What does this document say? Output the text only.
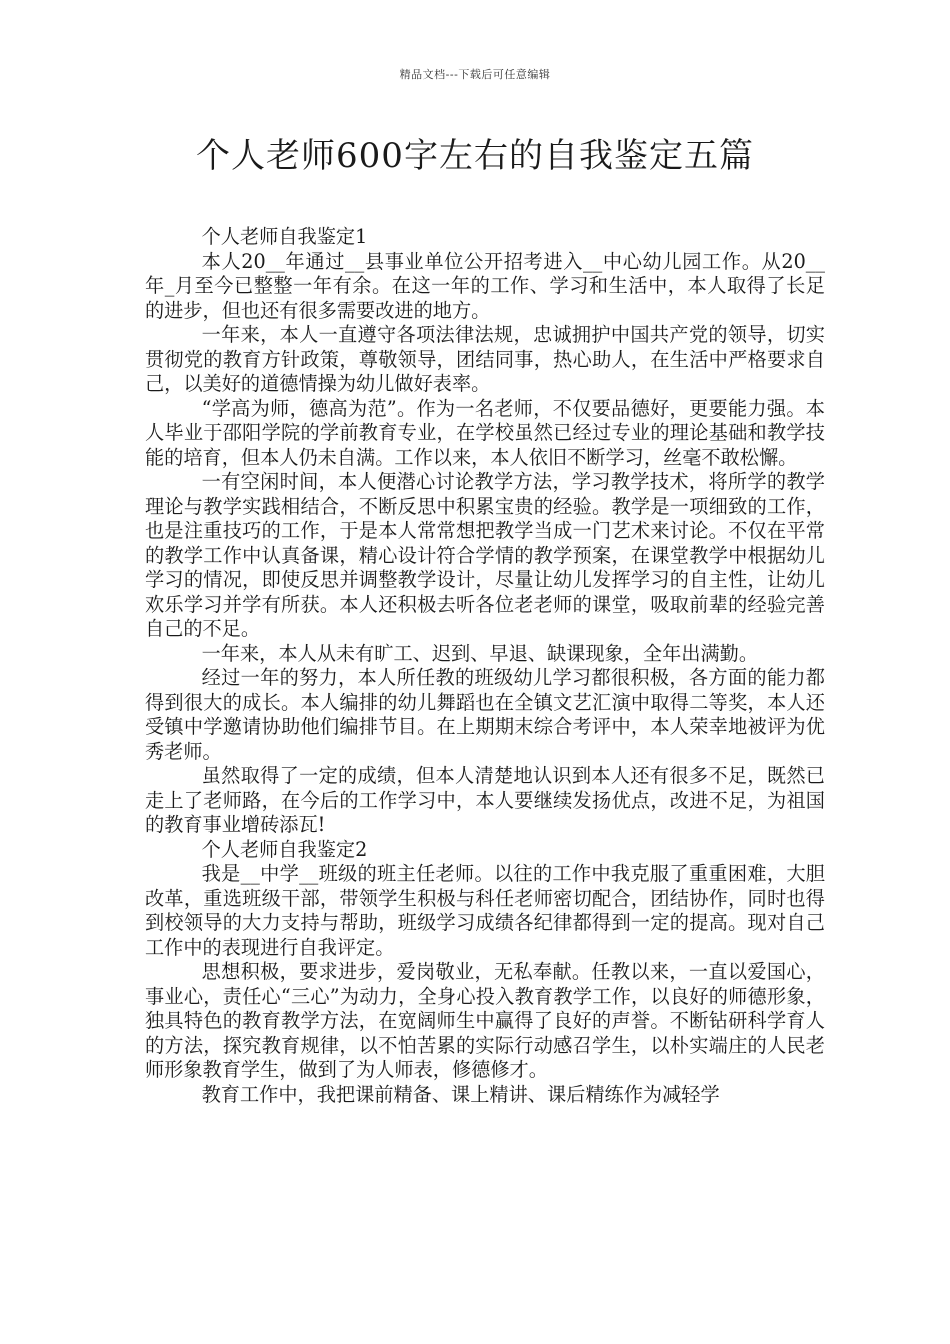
精品文档---下载后可任意编辑
个人老师600字左右的自我鉴定五篇

个人老师自我鉴定1

本人20__年通过__县事业单位公开招考进入__中心幼儿园工作。从20__年_月至今已整整一年有余。在这一年的工作、学习和生活中，本人取得了长足的进步，但也还有很多需要改进的地方。

一年来，本人一直遵守各项法律法规，忠诚拥护中国共产党的领导，切实贯彻党的教育方针政策，尊敬领导，团结同事，热心助人，在生活中严格要求自己，以美好的道德情操为幼儿做好表率。

“学高为师，德高为范”。作为一名老师，不仅要品德好，更要能力强。本人毕业于邵阳学院的学前教育专业，在学校虽然已经过专业的理论基础和教学技能的培育，但本人仍未自满。工作以来，本人依旧不断学习，丝毫不敢松懈。

一有空闲时间，本人便潜心讨论教学方法，学习教学技术，将所学的教学理论与教学实践相结合，不断反思中积累宝贵的经验。教学是一项细致的工作，也是注重技巧的工作，于是本人常常想把教学当成一门艺术来讨论。不仅在平常的教学工作中认真备课，精心设计符合学情的教学预案，在课堂教学中根据幼儿学习的情况，即使反思并调整教学设计，尽量让幼儿发挥学习的自主性，让幼儿欢乐学习并学有所获。本人还积极去听各位老老师的课堂，吸取前辈的经验完善自己的不足。

一年来，本人从未有旷工、迟到、早退、缺课现象，全年出满勤。

经过一年的努力，本人所任教的班级幼儿学习都很积极，各方面的能力都得到很大的成长。本人编排的幼儿舞蹈也在全镇文艺汇演中取得二等奖，本人还受镇中学邀请协助他们编排节目。在上期期末综合考评中，本人荣幸地被评为优秀老师。

虽然取得了一定的成绩，但本人清楚地认识到本人还有很多不足，既然已走上了老师路，在今后的工作学习中，本人要继续发扬优点，改进不足，为祖国的教育事业增砖添瓦!

个人老师自我鉴定2

我是__中学__班级的班主任老师。以往的工作中我克服了重重困难，大胆改革，重选班级干部，带领学生积极与科任老师密切配合，团结协作，同时也得到校领导的大力支持与帮助，班级学习成绩各纪律都得到一定的提高。现对自己工作中的表现进行自我评定。

思想积极，要求进步，爱岗敬业，无私奉献。任教以来，一直以爱国心，事业心，责任心“三心”为动力，全身心投入教育教学工作，以良好的师德形象，独具特色的教育教学方法，在宽阔师生中赢得了良好的声誉。不断钻研科学育人的方法，探究教育规律，以不怕苦累的实际行动感召学生，以朴实端庄的人民老师形象教育学生，做到了为人师表，修德修才。

教育工作中，我把课前精备、课上精讲、课后精练作为减轻学
